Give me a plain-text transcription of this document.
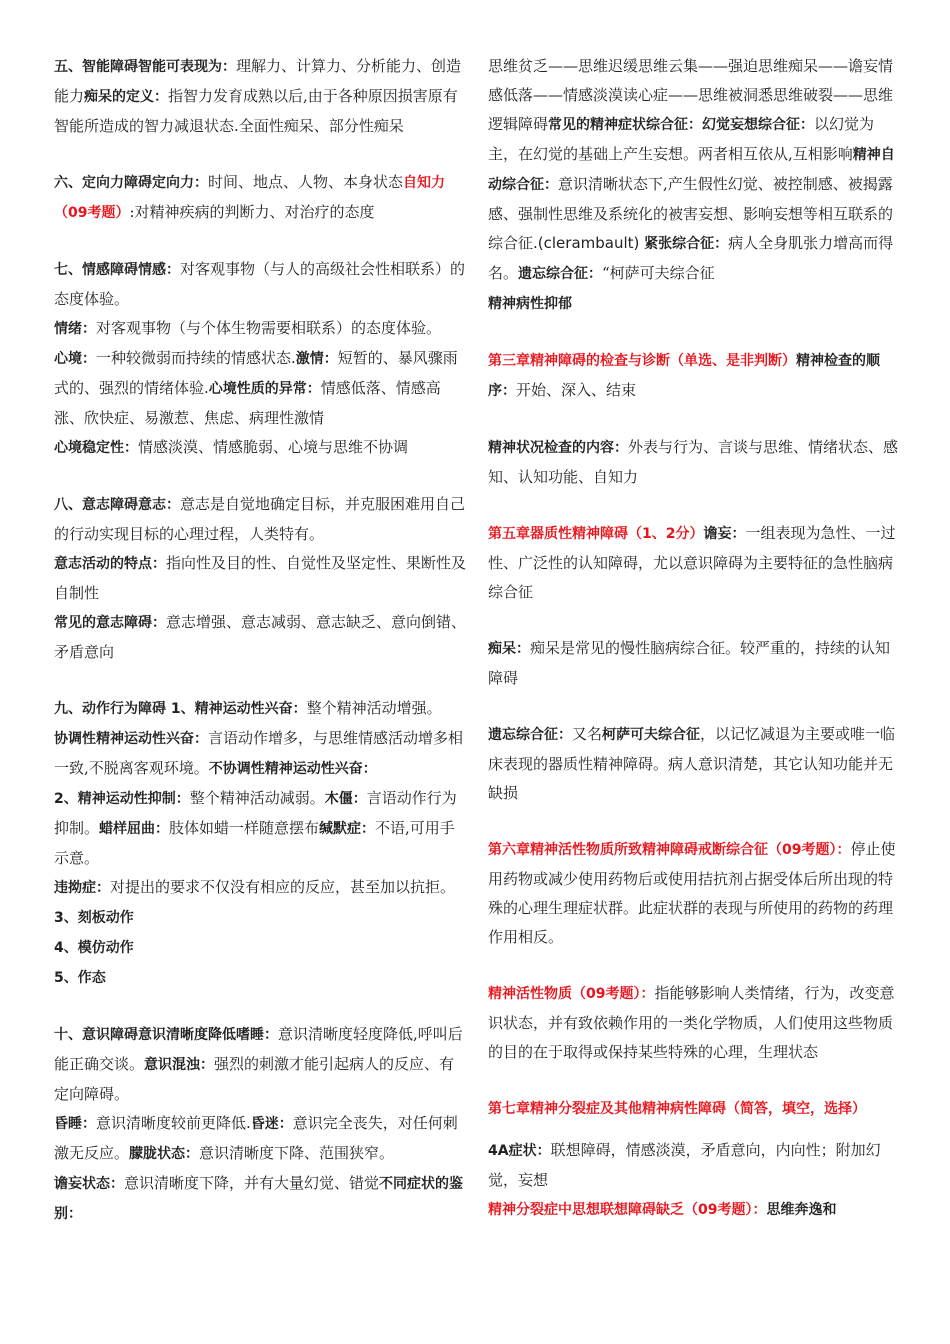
五、智能障碍智能可表现为：理解力、计算力、分析能力、创造能力痴呆的定义：指智力发育成熟以后,由于各种原因损害原有智能所造成的智力减退状态.全面性痴呆、部分性痴呆

六、定向力障碍定向力：时间、地点、人物、本身状态自知力（09考题）:对精神疾病的判断力、对治疗的态度

七、情感障碍情感：对客观事物（与人的高级社会性相联系）的态度体验。

情绪：对客观事物（与个体生物需要相联系）的态度体验。

心境：一种较微弱而持续的情感状态.激情：短暂的、暴风骤雨式的、强烈的情绪体验.心境性质的异常：情感低落、情感高涨、欣快症、易激惹、焦虑、病理性激情

心境稳定性：情感淡漠、情感脆弱、心境与思维不协调

八、意志障碍意志：意志是自觉地确定目标，并克服困难用自己的行动实现目标的心理过程，人类特有。

意志活动的特点：指向性及目的性、自觉性及坚定性、果断性及自制性

常见的意志障碍：意志增强、意志减弱、意志缺乏、意向倒错、矛盾意向

九、动作行为障碍 1、精神运动性兴奋：整个精神活动增强。

协调性精神运动性兴奋：言语动作增多，与思维情感活动增多相一致,不脱离客观环境。不协调性精神运动性兴奋：

2、精神运动性抑制：整个精神活动减弱。木僵：言语动作行为抑制。蜡样屈曲：肢体如蜡一样随意摆布缄默症：不语,可用手示意。

违拗症：对提出的要求不仅没有相应的反应，甚至加以抗拒。

3、刻板动作

4、模仿动作

5、作态

十、意识障碍意识清晰度降低嗜睡：意识清晰度轻度降低,呼叫后能正确交谈。意识混浊：强烈的刺激才能引起病人的反应、有定向障碍。

昏睡：意识清晰度较前更降低.昏迷：意识完全丧失，对任何刺激无反应。朦胧状态：意识清晰度下降、范围狭窄。

谵妄状态：意识清晰度下降，并有大量幻觉、错觉不同症状的鉴别：

思维贫乏——思维迟缓思维云集——强迫思维痴呆——谵妄情感低落——情感淡漠读心症——思维被洞悉思维破裂——思维逻辑障碍常见的精神症状综合征：幻觉妄想综合征：以幻觉为主，在幻觉的基础上产生妄想。两者相互依从,互相影响精神自动综合征：意识清晰状态下,产生假性幻觉、被控制感、被揭露感、强制性思维及系统化的被害妄想、影响妄想等相互联系的综合征.(clerambault) 紧张综合征：病人全身肌张力增高而得名。遗忘综合征：“柯萨可夫综合征

精神病性抑郁

第三章精神障碍的检查与诊断（单选、是非判断）精神检查的顺序：开始、深入、结束

精神状况检查的内容：外表与行为、言谈与思维、情绪状态、感知、认知功能、自知力

第五章器质性精神障碍（1、2分）谵妄：一组表现为急性、一过性、广泛性的认知障碍，尤以意识障碍为主要特征的急性脑病综合征

痴呆：痴呆是常见的慢性脑病综合征。较严重的，持续的认知障碍

遗忘综合征：又名柯萨可夫综合征，以记忆减退为主要或唯一临床表现的器质性精神障碍。病人意识清楚，其它认知功能并无缺损

第六章精神活性物质所致精神障碍戒断综合征（09考题）：停止使用药物或减少使用药物后或使用拮抗剂占据受体后所出现的特殊的心理生理症状群。此症状群的表现与所使用的药物的药理作用相反。

精神活性物质（09考题）：指能够影响人类情绪，行为，改变意识状态，并有致依赖作用的一类化学物质，人们使用这些物质的目的在于取得或保持某些特殊的心理，生理状态

第七章精神分裂症及其他精神病性障碍（简答，填空，选择）

4A症状：联想障碍，情感淡漠，矛盾意向，内向性；附加幻觉，妄想

精神分裂症中思想联想障碍缺乏（09考题）：思维奔逸和
